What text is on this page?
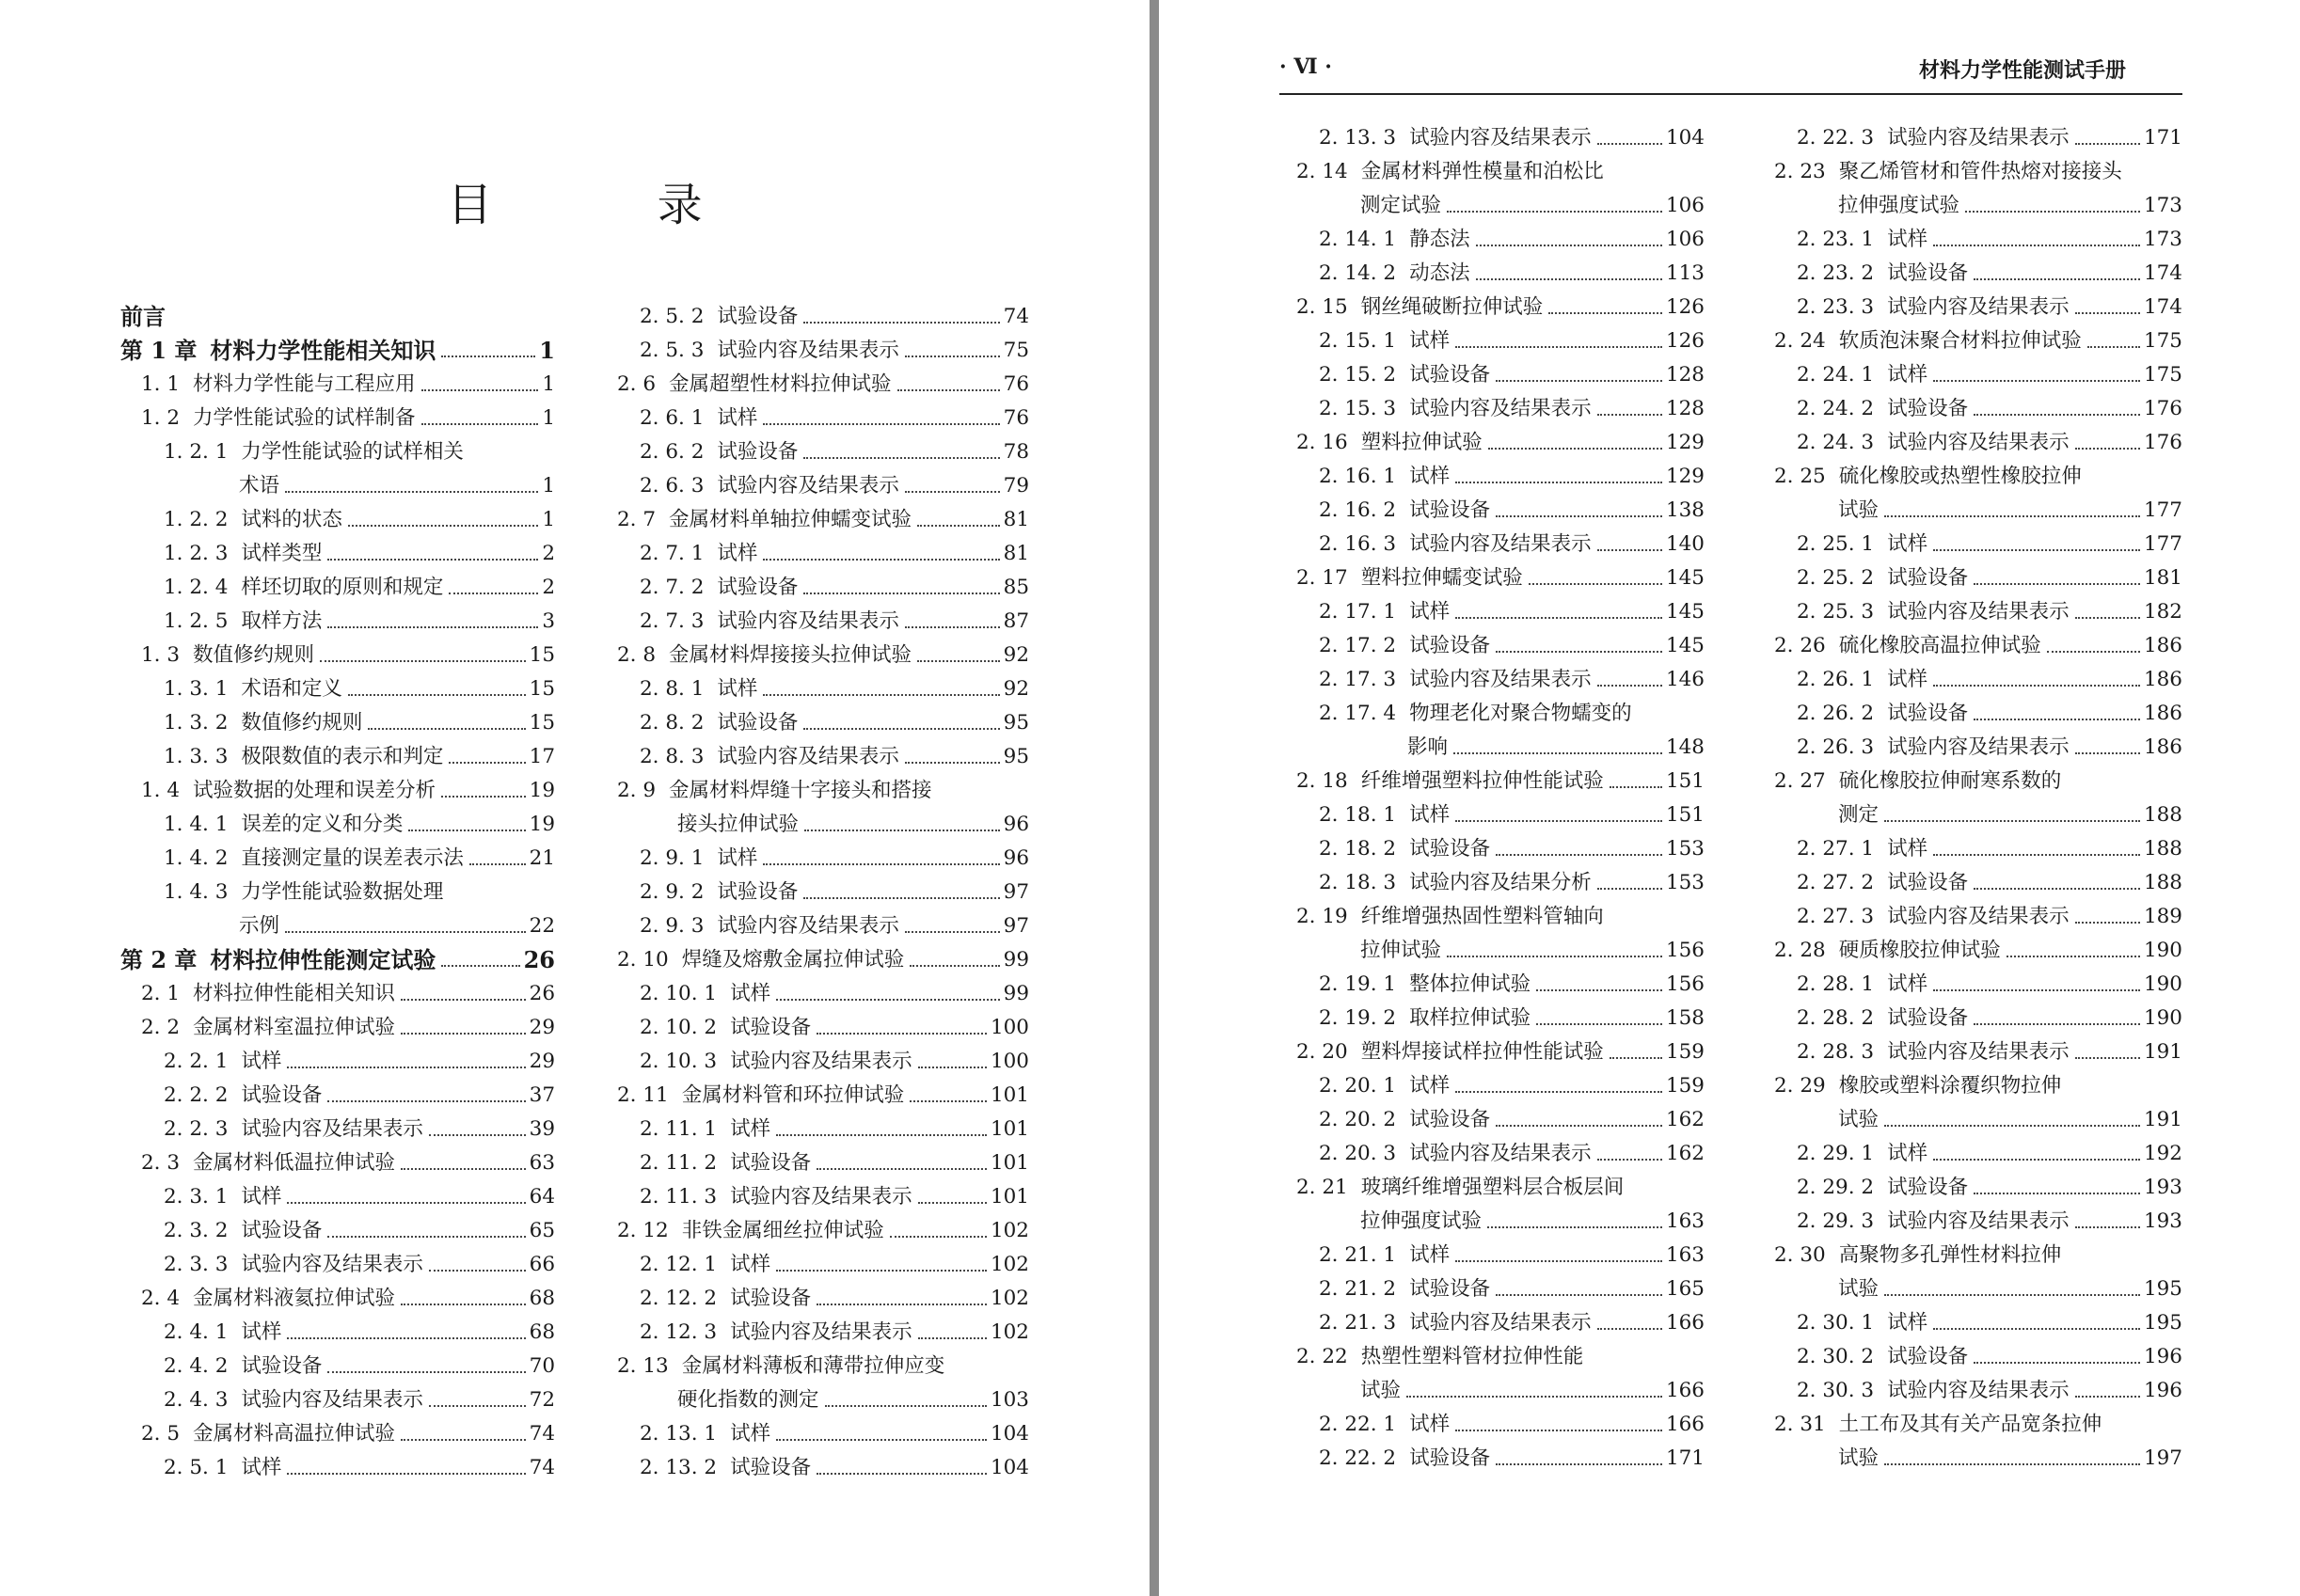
目 录
前言
第 1 章 材料力学性能相关知识	1
1. 1 材料力学性能与工程应用	1
1. 2 力学性能试验的试样制备	1
1. 2. 1 力学性能试验的试样相关
术语	1
1. 2. 2 试料的状态	1
1. 2. 3 试样类型	2
1. 2. 4 样坯切取的原则和规定	2
1. 2. 5 取样方法	3
1. 3 数值修约规则	15
1. 3. 1 术语和定义	15
1. 3. 2 数值修约规则	15
1. 3. 3 极限数值的表示和判定	17
1. 4 试验数据的处理和误差分析	19
1. 4. 1 误差的定义和分类	19
1. 4. 2 直接测定量的误差表示法	21
1. 4. 3 力学性能试验数据处理
示例	22
第 2 章 材料拉伸性能测定试验	26
2. 1 材料拉伸性能相关知识	26
2. 2 金属材料室温拉伸试验	29
2. 2. 1 试样	29
2. 2. 2 试验设备	37
2. 2. 3 试验内容及结果表示	39
2. 3 金属材料低温拉伸试验	63
2. 3. 1 试样	64
2. 3. 2 试验设备	65
2. 3. 3 试验内容及结果表示	66
2. 4 金属材料液氦拉伸试验	68
2. 4. 1 试样	68
2. 4. 2 试验设备	70
2. 4. 3 试验内容及结果表示	72
2. 5 金属材料高温拉伸试验	74
2. 5. 1 试样	74
2. 5. 2 试验设备	74
2. 5. 3 试验内容及结果表示	75
2. 6 金属超塑性材料拉伸试验	76
2. 6. 1 试样	76
2. 6. 2 试验设备	78
2. 6. 3 试验内容及结果表示	79
2. 7 金属材料单轴拉伸蠕变试验	81
2. 7. 1 试样	81
2. 7. 2 试验设备	85
2. 7. 3 试验内容及结果表示	87
2. 8 金属材料焊接接头拉伸试验	92
2. 8. 1 试样	92
2. 8. 2 试验设备	95
2. 8. 3 试验内容及结果表示	95
2. 9 金属材料焊缝十字接头和搭接
接头拉伸试验	96
2. 9. 1 试样	96
2. 9. 2 试验设备	97
2. 9. 3 试验内容及结果表示	97
2. 10 焊缝及熔敷金属拉伸试验	99
2. 10. 1 试样	99
2. 10. 2 试验设备	100
2. 10. 3 试验内容及结果表示	100
2. 11 金属材料管和环拉伸试验	101
2. 11. 1 试样	101
2. 11. 2 试验设备	101
2. 11. 3 试验内容及结果表示	101
2. 12 非铁金属细丝拉伸试验	102
2. 12. 1 试样	102
2. 12. 2 试验设备	102
2. 12. 3 试验内容及结果表示	102
2. 13 金属材料薄板和薄带拉伸应变
硬化指数的测定	103
2. 13. 1 试样	104
2. 13. 2 试验设备	104
· Ⅵ ·	材料力学性能测试手册
2. 13. 3 试验内容及结果表示	104
2. 14 金属材料弹性模量和泊松比
测定试验	106
2. 14. 1 静态法	106
2. 14. 2 动态法	113
2. 15 钢丝绳破断拉伸试验	126
2. 15. 1 试样	126
2. 15. 2 试验设备	128
2. 15. 3 试验内容及结果表示	128
2. 16 塑料拉伸试验	129
2. 16. 1 试样	129
2. 16. 2 试验设备	138
2. 16. 3 试验内容及结果表示	140
2. 17 塑料拉伸蠕变试验	145
2. 17. 1 试样	145
2. 17. 2 试验设备	145
2. 17. 3 试验内容及结果表示	146
2. 17. 4 物理老化对聚合物蠕变的
影响	148
2. 18 纤维增强塑料拉伸性能试验	151
2. 18. 1 试样	151
2. 18. 2 试验设备	153
2. 18. 3 试验内容及结果分析	153
2. 19 纤维增强热固性塑料管轴向
拉伸试验	156
2. 19. 1 整体拉伸试验	156
2. 19. 2 取样拉伸试验	158
2. 20 塑料焊接试样拉伸性能试验	159
2. 20. 1 试样	159
2. 20. 2 试验设备	162
2. 20. 3 试验内容及结果表示	162
2. 21 玻璃纤维增强塑料层合板层间
拉伸强度试验	163
2. 21. 1 试样	163
2. 21. 2 试验设备	165
2. 21. 3 试验内容及结果表示	166
2. 22 热塑性塑料管材拉伸性能
试验	166
2. 22. 1 试样	166
2. 22. 2 试验设备	171
2. 22. 3 试验内容及结果表示	171
2. 23 聚乙烯管材和管件热熔对接接头
拉伸强度试验	173
2. 23. 1 试样	173
2. 23. 2 试验设备	174
2. 23. 3 试验内容及结果表示	174
2. 24 软质泡沫聚合材料拉伸试验	175
2. 24. 1 试样	175
2. 24. 2 试验设备	176
2. 24. 3 试验内容及结果表示	176
2. 25 硫化橡胶或热塑性橡胶拉伸
试验	177
2. 25. 1 试样	177
2. 25. 2 试验设备	181
2. 25. 3 试验内容及结果表示	182
2. 26 硫化橡胶高温拉伸试验	186
2. 26. 1 试样	186
2. 26. 2 试验设备	186
2. 26. 3 试验内容及结果表示	186
2. 27 硫化橡胶拉伸耐寒系数的
测定	188
2. 27. 1 试样	188
2. 27. 2 试验设备	188
2. 27. 3 试验内容及结果表示	189
2. 28 硬质橡胶拉伸试验	190
2. 28. 1 试样	190
2. 28. 2 试验设备	190
2. 28. 3 试验内容及结果表示	191
2. 29 橡胶或塑料涂覆织物拉伸
试验	191
2. 29. 1 试样	192
2. 29. 2 试验设备	193
2. 29. 3 试验内容及结果表示	193
2. 30 高聚物多孔弹性材料拉伸
试验	195
2. 30. 1 试样	195
2. 30. 2 试验设备	196
2. 30. 3 试验内容及结果表示	196
2. 31 土工布及其有关产品宽条拉伸
试验	197
